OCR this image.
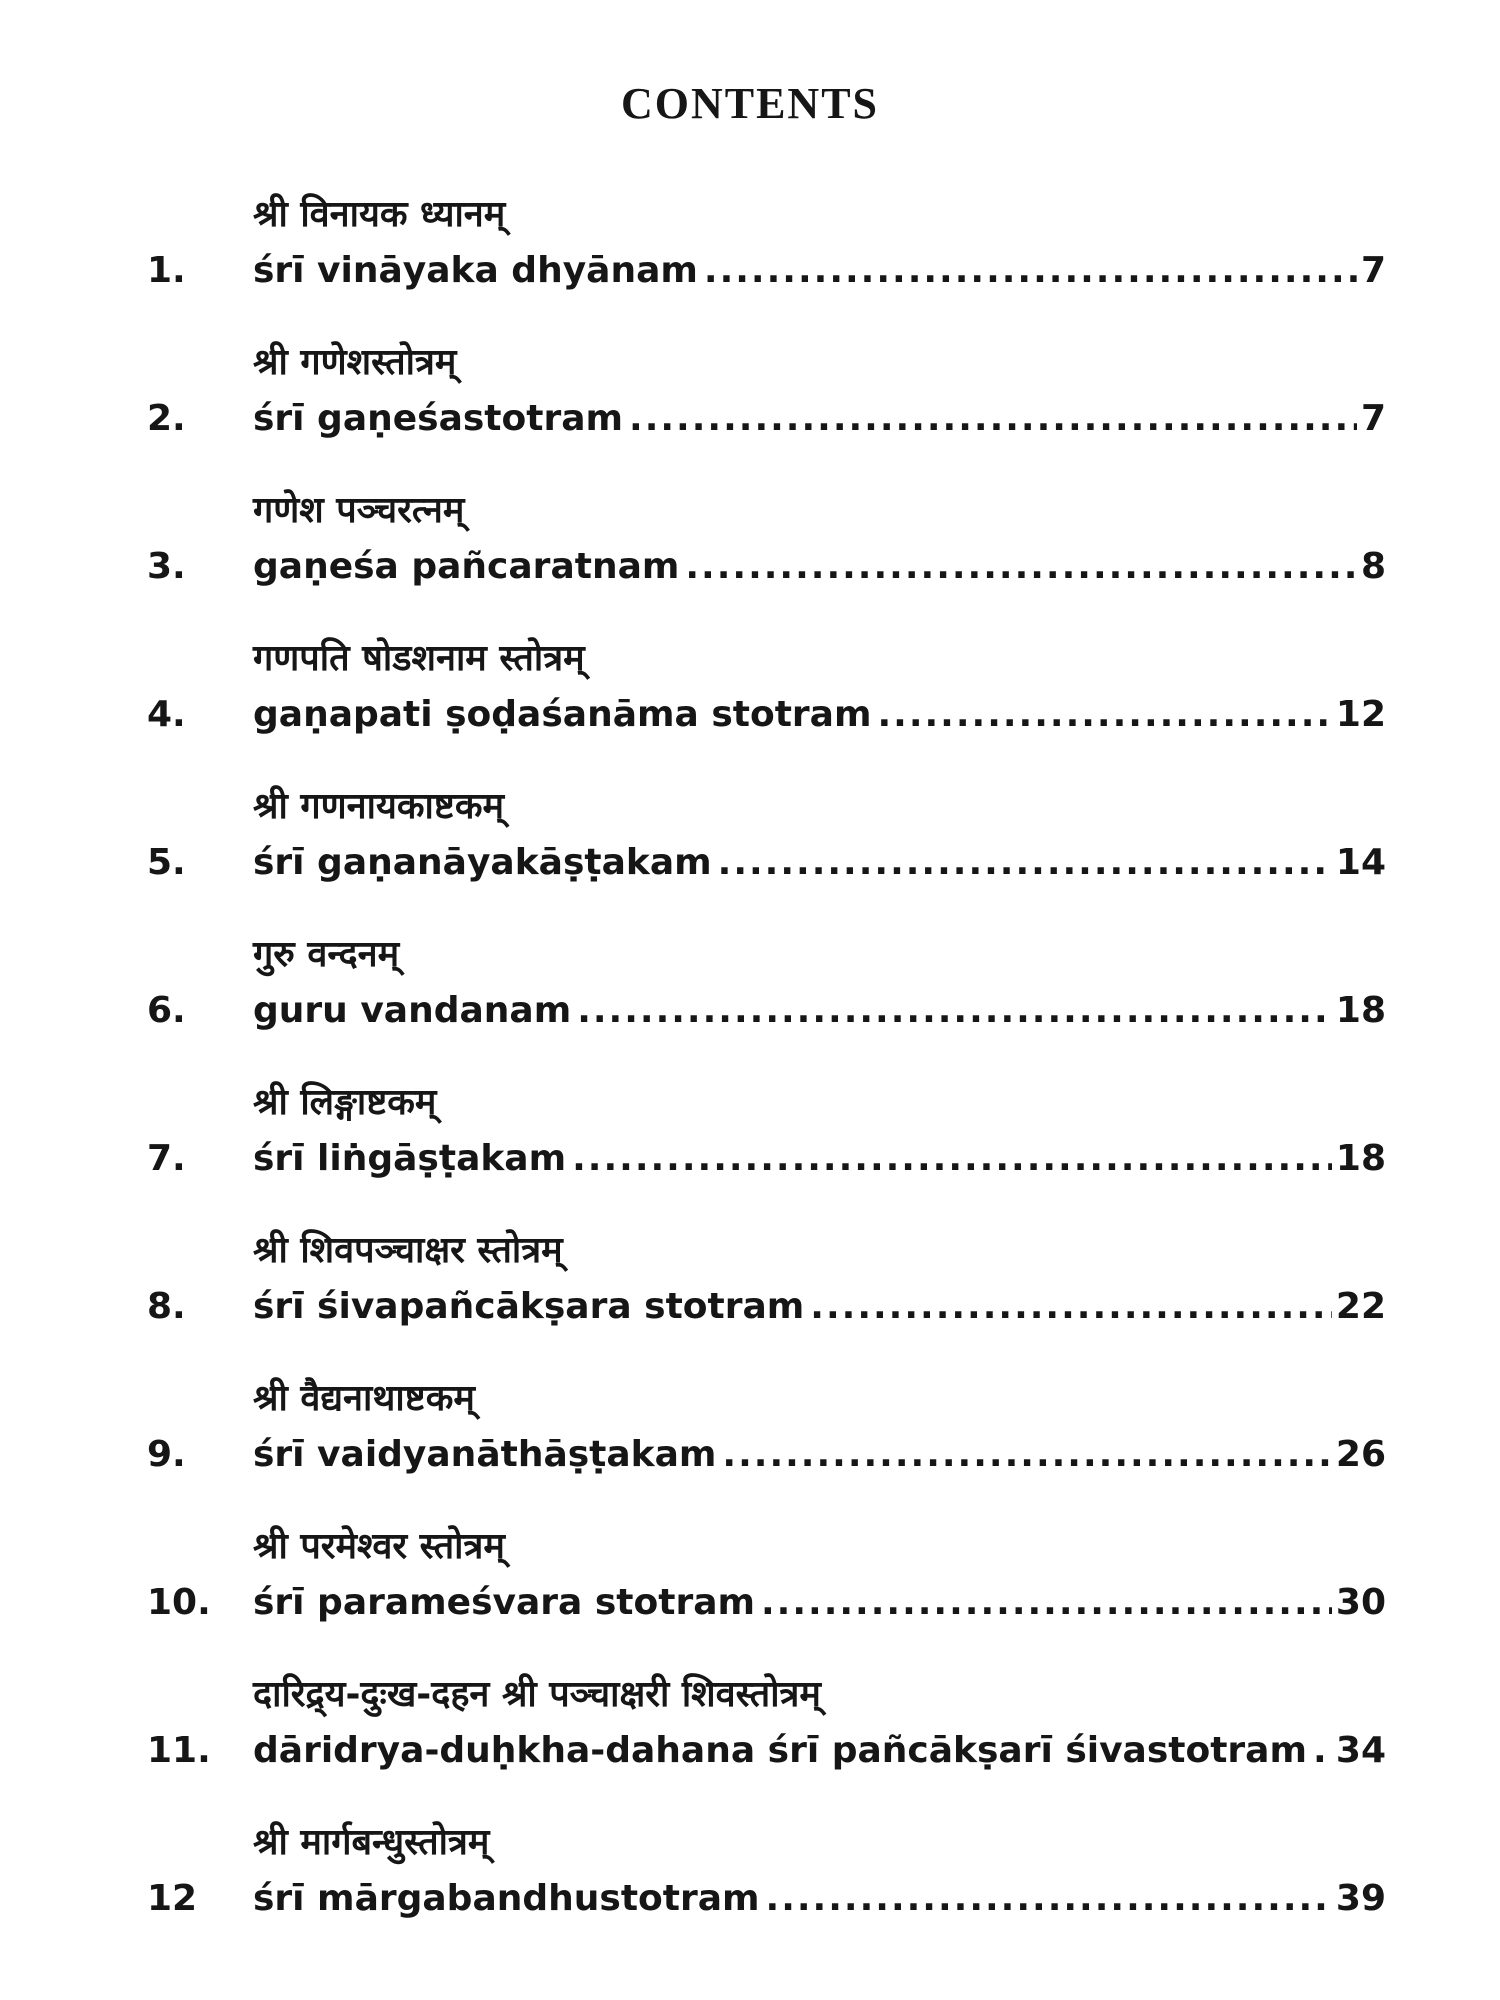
CONTENTS
श्री विनायक ध्यानम्
1. śrī vināyaka dhyānam .....	7
श्री गणेशस्तोत्रम्
2. śrī gaṇeśastotram .....	7
गणेश पञ्चरत्नम्
3. gaṇeśa pañcaratnam .....	8
गणपति षोडशनाम स्तोत्रम्
4. gaṇapati ṣoḍaśanāma stotram .....	12
श्री गणनायकाष्टकम्
5. śrī gaṇanāyakāṣṭakam .....	14
गुरु वन्दनम्
6. guru vandanam .....	18
श्री लिङ्गाष्टकम्
7. śrī liṅgāṣṭakam .....	18
श्री शिवपञ्चाक्षर स्तोत्रम्
8. śrī śivapañcākṣara stotram .....	22
श्री वैद्यनाथाष्टकम्
9. śrī vaidyanāthāṣṭakam .....	26
श्री परमेश्वर स्तोत्रम्
10. śrī parameśvara stotram .....	30
दारिद्र्य-दुःख-दहन श्री पञ्चाक्षरी शिवस्तोत्रम्
11. dāridrya-duḥkha-dahana śrī pañcākṣarī śivastotram ..... 34
श्री मार्गबन्धुस्तोत्रम्
12 śrī mārgabandhustotram .....	39
